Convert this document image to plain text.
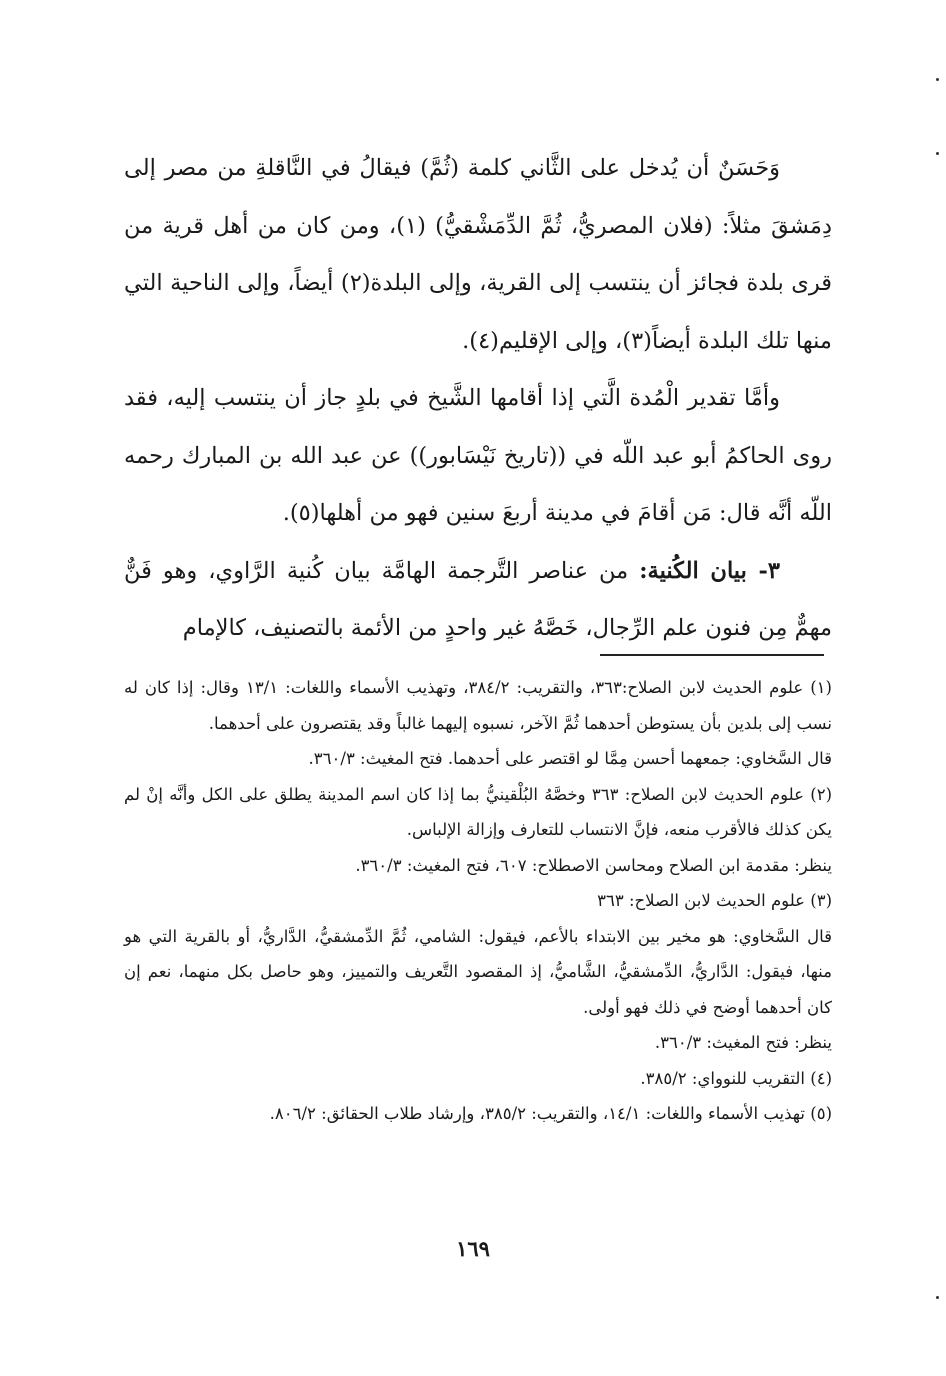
وَحَسَنٌ أن يُدخل على الثَّاني كلمة (ثُمَّ) فيقالُ في النَّاقلةِ من مصر إلى دِمَشقَ مثلاً: (فلان المصريُّ، ثُمَّ الدِّمَشْقيُّ) (١)، ومن كان من أهل قرية من قرى بلدة فجائز أن ينتسب إلى القرية، وإلى البلدة(٢) أيضاً، وإلى الناحية التي منها تلك البلدة أيضاً(٣)، وإلى الإقليم(٤).

وأمَّا تقدير الْمُدة الَّتي إذا أقامها الشَّيخ في بلدٍ جاز أن ينتسب إليه، فقد روى الحاكمُ أبو عبد اللّه في ((تاريخ نَيْسَابور)) عن عبد الله بن المبارك رحمه اللّه أنَّه قال: مَن أقامَ في مدينة أربعَ سنين فهو من أهلها(٥).

٣- بيان الكُنية: من عناصر التَّرجمة الهامَّة بيان كُنية الرَّاوي، وهو فَنٌّ مهمٌّ مِن فنون علم الرِّجال، خَصَّهُ غير واحدٍ من الأئمة بالتصنيف، كالإمام

(١) علوم الحديث لابن الصلاح:٣٦٣، والتقريب: ٣٨٤/٢، وتهذيب الأسماء واللغات: ١٣/١ وقال: إذا كان له نسب إلى بلدين بأن يستوطن أحدهما ثُمَّ الآخر، نسبوه إليهما غالباً وقد يقتصرون على أحدهما.

قال السَّخاوي: جمعهما أحسن مِمَّا لو اقتصر على أحدهما. فتح المغيث: ٣٦٠/٣.

(٢) علوم الحديث لابن الصلاح: ٣٦٣ وخصَّهُ البُلْقينيُّ بما إذا كان اسم المدينة يطلق على الكل وأنَّه إنْ لم يكن كذلك فالأقرب منعه، فإنَّ الانتساب للتعارف وإزالة الإلباس.

ينظر: مقدمة ابن الصلاح ومحاسن الاصطلاح: ٦٠٧، فتح المغيث: ٣٦٠/٣.

(٣) علوم الحديث لابن الصلاح: ٣٦٣

قال السَّخاوي: هو مخير بين الابتداء بالأعم، فيقول: الشامي، ثُمَّ الدِّمشقيُّ، الدَّاريُّ، أو بالقرية التي هو منها، فيقول: الدَّاريُّ، الدِّمشقيُّ، الشَّاميُّ، إذ المقصود التَّعريف والتمييز، وهو حاصل بكل منهما، نعم إن كان أحدهما أوضح في ذلك فهو أولى.

ينظر: فتح المغيث: ٣٦٠/٣.

(٤) التقريب للنوواي: ٣٨٥/٢.

(٥) تهذيب الأسماء واللغات: ١٤/١، والتقريب: ٣٨٥/٢، وإرشاد طلاب الحقائق: ٨٠٦/٢.

١٦٩
